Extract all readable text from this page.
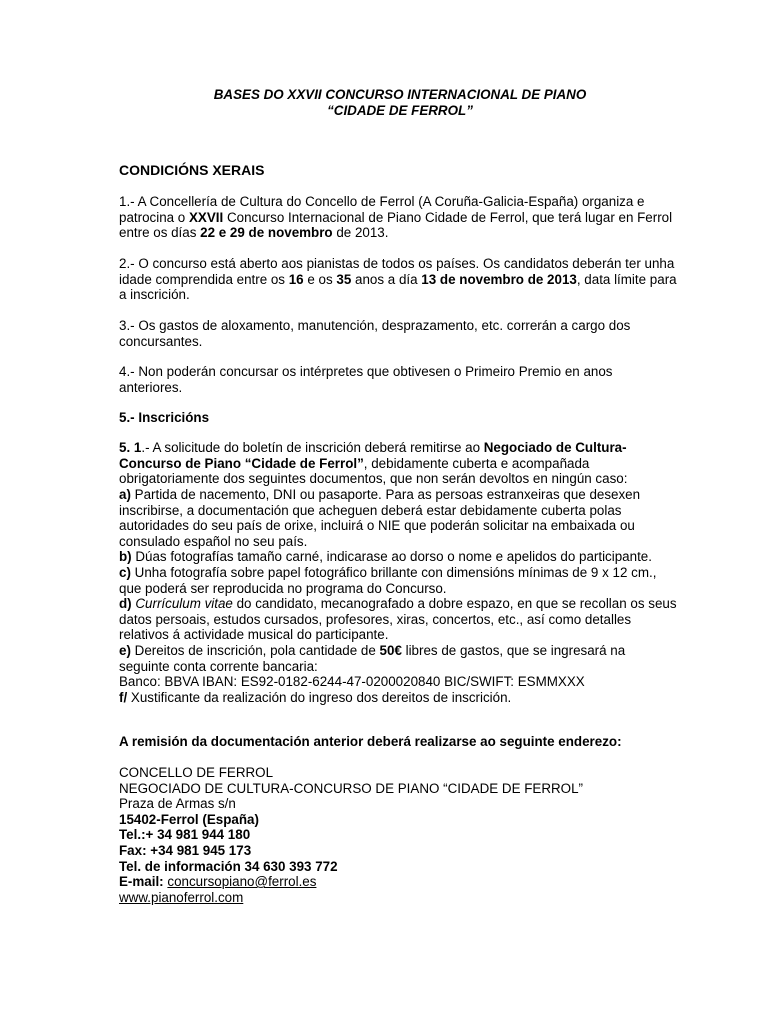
BASES DO XXVII CONCURSO INTERNACIONAL DE PIANO
“CIDADE DE FERROL”
CONDICIÓNS XERAIS

1.- A Concellería de Cultura do Concello de Ferrol (A Coruña-Galicia-España) organiza e patrocina o XXVII Concurso Internacional de Piano Cidade de Ferrol, que terá lugar en Ferrol entre os días 22 e 29 de novembro de 2013.

2.- O concurso está aberto aos pianistas de todos os países. Os candidatos deberán ter unha idade comprendida entre os 16 e os 35 anos a día 13 de novembro de 2013, data límite para a inscrición.

3.- Os gastos de aloxamento, manutención, desprazamento, etc. correrán a cargo dos concursantes.

4.- Non poderán concursar os intérpretes que obtivesen o Primeiro Premio en anos anteriores.

5.- Inscricións

5. 1.- A solicitude do boletín de inscrición deberá remitirse ao Negociado de Cultura-Concurso de Piano “Cidade de Ferrol”, debidamente cuberta e acompañada obrigatoriamente dos seguintes documentos, que non serán devoltos en ningún caso:

a) Partida de nacemento, DNI ou pasaporte. Para as persoas estranxeiras que desexen inscribirse, a documentación que acheguen deberá estar debidamente cuberta polas autoridades do seu país de orixe, incluirá o NIE que poderán solicitar na embaixada ou consulado español no seu país.

b) Dúas fotografías tamaño carné, indicarase ao dorso o nome e apelidos do participante.

c) Unha fotografía sobre papel fotográfico brillante con dimensións mínimas de 9 x 12 cm., que poderá ser reproducida no programa do Concurso.

d) Currículum vitae do candidato, mecanografado a dobre espazo, en que se recollan os seus datos persoais, estudos cursados, profesores, xiras, concertos, etc., así como detalles relativos á actividade musical do participante.

e) Dereitos de inscrición, pola cantidade de 50€ libres de gastos, que se ingresará na seguinte conta corrente bancaria:

Banco: BBVA IBAN: ES92-0182-6244-47-0200020840 BIC/SWIFT: ESMMXXX

f/ Xustificante da realización do ingreso dos dereitos de inscrición.

A remisión da documentación anterior deberá realizarse ao seguinte enderezo:

CONCELLO DE FERROL

NEGOCIADO DE CULTURA-CONCURSO DE PIANO “CIDADE DE FERROL”

Praza de Armas s/n

15402-Ferrol (España)

Tel.:+ 34 981 944 180

Fax: +34 981 945 173

Tel. de información 34 630 393 772

E-mail: concursopiano@ferrol.es

www.pianoferrol.com
